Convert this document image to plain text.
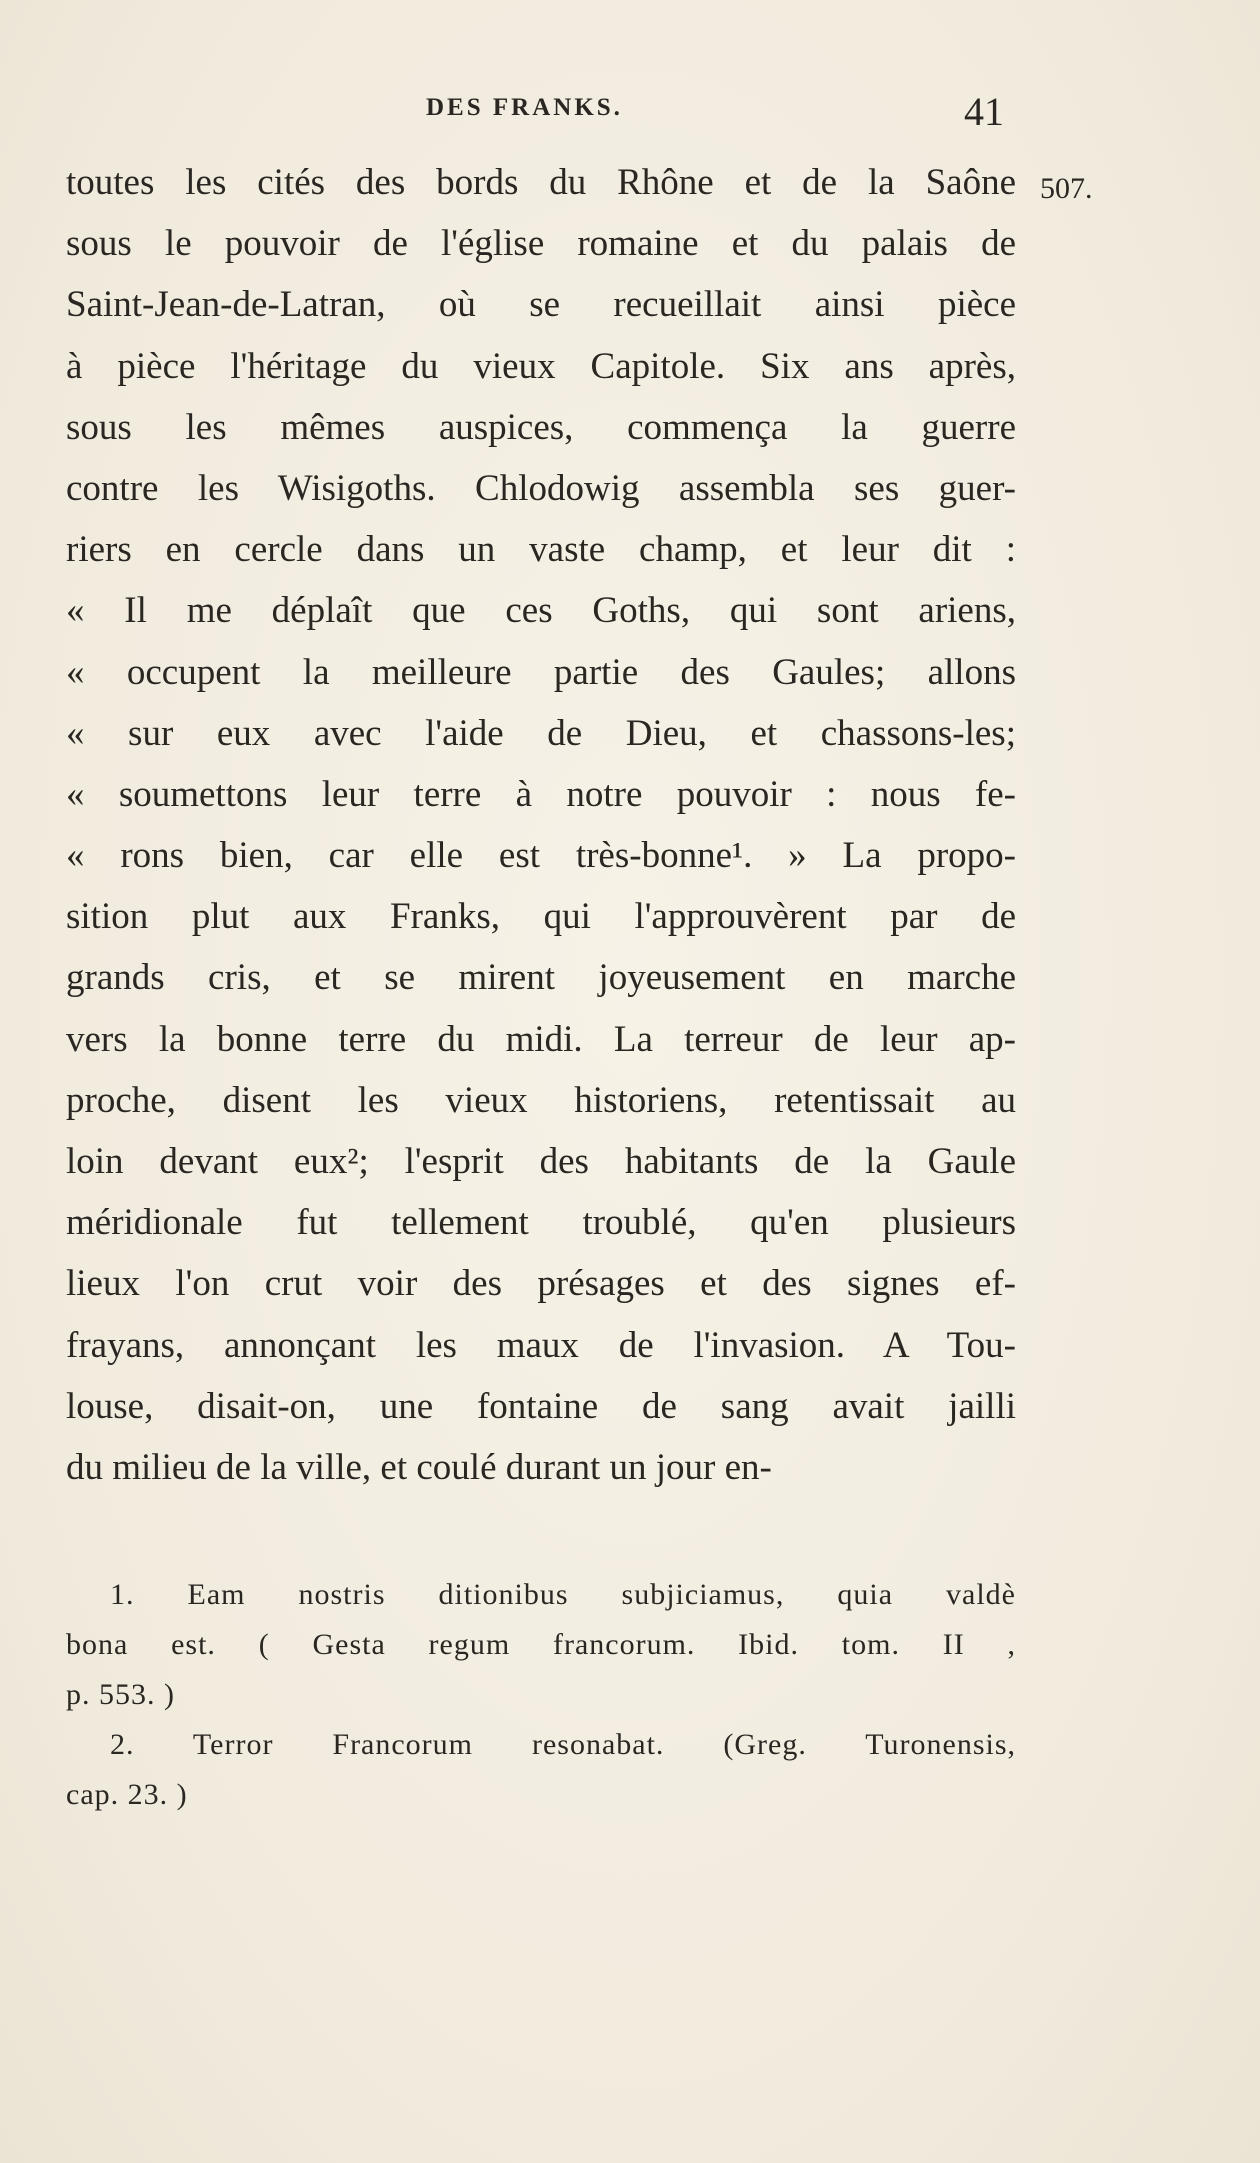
DES FRANKS.	41
507.
toutes les cités des bords du Rhône et de la Saône
sous le pouvoir de l'église romaine et du palais de
Saint-Jean-de-Latran, où se recueillait ainsi pièce
à pièce l'héritage du vieux Capitole. Six ans après,
sous les mêmes auspices, commença la guerre
contre les Wisigoths. Chlodowig assembla ses guer-
riers en cercle dans un vaste champ, et leur dit :
« Il me déplaît que ces Goths, qui sont ariens,
« occupent la meilleure partie des Gaules; allons
« sur eux avec l'aide de Dieu, et chassons-les;
« soumettons leur terre à notre pouvoir : nous fe-
« rons bien, car elle est très-bonne¹. » La propo-
sition plut aux Franks, qui l'approuvèrent par de
grands cris, et se mirent joyeusement en marche
vers la bonne terre du midi. La terreur de leur ap-
proche, disent les vieux historiens, retentissait au
loin devant eux²; l'esprit des habitants de la Gaule
méridionale fut tellement troublé, qu'en plusieurs
lieux l'on crut voir des présages et des signes ef-
frayans, annonçant les maux de l'invasion. A Tou-
louse, disait-on, une fontaine de sang avait jailli
du milieu de la ville, et coulé durant un jour en-
1. Eam nostris ditionibus subjiciamus, quia valdè
bona est. ( Gesta regum francorum. Ibid. tom. II ,
p. 553. )
2. Terror Francorum resonabat. (Greg. Turonensis,
cap. 23. )
